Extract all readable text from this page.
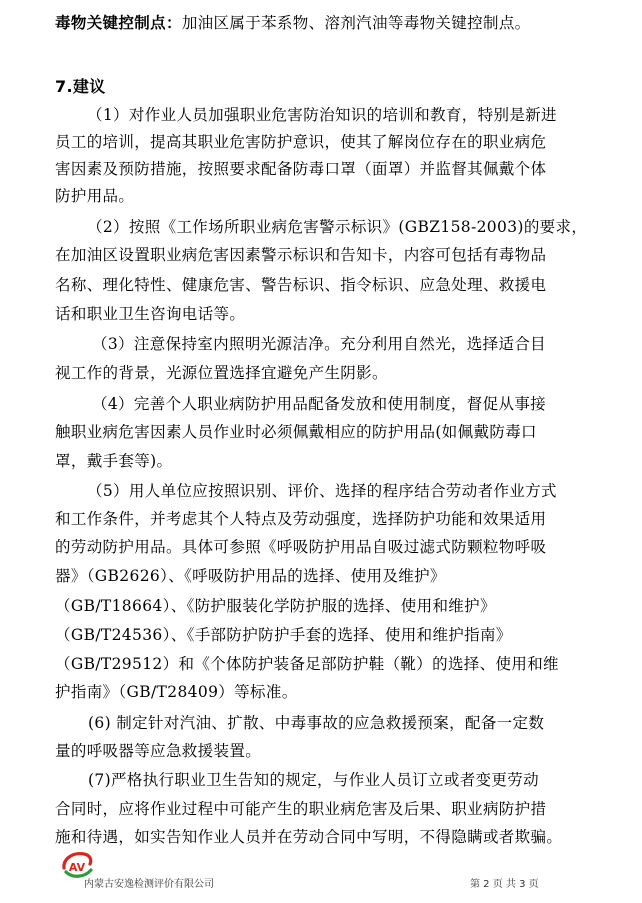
毒物关键控制点：加油区属于苯系物、溶剂汽油等毒物关键控制点。
7.建议
（1）对作业人员加强职业危害防治知识的培训和教育，特别是新进
员工的培训，提高其职业危害防护意识，使其了解岗位存在的职业病危
害因素及预防措施，按照要求配备防毒口罩（面罩）并监督其佩戴个体
防护用品。
（2）按照《工作场所职业病危害警示标识》(GBZ158-2003)的要求，
在加油区设置职业病危害因素警示标识和告知卡，内容可包括有毒物品
名称、理化特性、健康危害、警告标识、指令标识、应急处理、救援电
话和职业卫生咨询电话等。
（3）注意保持室内照明光源洁净。充分利用自然光，选择适合目
视工作的背景，光源位置选择宜避免产生阴影。
（4）完善个人职业病防护用品配备发放和使用制度，督促从事接
触职业病危害因素人员作业时必须佩戴相应的防护用品(如佩戴防毒口
罩，戴手套等)。
（5）用人单位应按照识别、评价、选择的程序结合劳动者作业方式
和工作条件，并考虑其个人特点及劳动强度，选择防护功能和效果适用
的劳动防护用品。具体可参照《呼吸防护用品自吸过滤式防颗粒物呼吸
器》（GB2626）、《呼吸防护用品的选择、使用及维护》
（GB/T18664）、《防护服装化学防护服的选择、使用和维护》
（GB/T24536）、《手部防护防护手套的选择、使用和维护指南》
（GB/T29512）和《个体防护装备足部防护鞋（靴）的选择、使用和维
护指南》（GB/T28409）等标准。
(6) 制定针对汽油、扩散、中毒事故的应急救援预案，配备一定数
量的呼吸器等应急救援装置。
(7)严格执行职业卫生告知的规定，与作业人员订立或者变更劳动
合同时，应将作业过程中可能产生的职业病危害及后果、职业病防护措
施和待遇，如实告知作业人员并在劳动合同中写明，不得隐瞒或者欺骗。
AV
内蒙古安逸检测评价有限公司	第 2 页 共 3 页
